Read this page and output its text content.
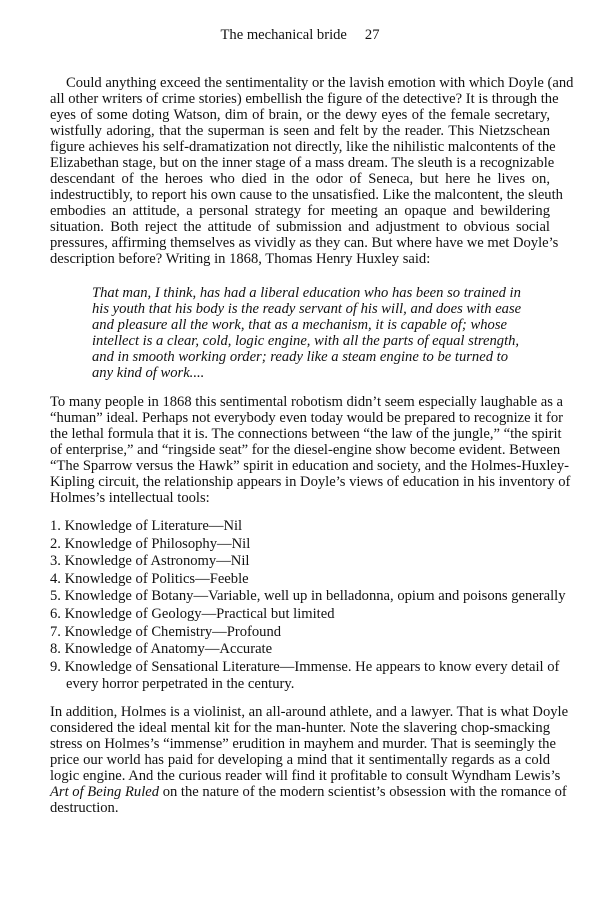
The mechanical bride 27
Could anything exceed the sentimentality or the lavish emotion with which Doyle (and
all other writers of crime stories) embellish the figure of the detective? It is through the
eyes of some doting Watson, dim of brain, or the dewy eyes of the female secretary,
wistfully adoring, that the superman is seen and felt by the reader. This Nietzschean
figure achieves his self-dramatization not directly, like the nihilistic malcontents of the
Elizabethan stage, but on the inner stage of a mass dream. The sleuth is a recognizable
descendant of the heroes who died in the odor of Seneca, but here he lives on,
indestructibly, to report his own cause to the unsatisfied. Like the malcontent, the sleuth
embodies an attitude, a personal strategy for meeting an opaque and bewildering
situation. Both reject the attitude of submission and adjustment to obvious social
pressures, affirming themselves as vividly as they can. But where have we met Doyle’s
description before? Writing in 1868, Thomas Henry Huxley said:
That man, I think, has had a liberal education who has been so trained in
his youth that his body is the ready servant of his will, and does with ease
and pleasure all the work, that as a mechanism, it is capable of; whose
intellect is a clear, cold, logic engine, with all the parts of equal strength,
and in smooth working order; ready like a steam engine to be turned to
any kind of work....
To many people in 1868 this sentimental robotism didn’t seem especially laughable as a
“human” ideal. Perhaps not everybody even today would be prepared to recognize it for
the lethal formula that it is. The connections between “the law of the jungle,” “the spirit
of enterprise,” and “ringside seat” for the diesel-engine show become evident. Between
“The Sparrow versus the Hawk” spirit in education and society, and the Holmes-Huxley-
Kipling circuit, the relationship appears in Doyle’s views of education in his inventory of
Holmes’s intellectual tools:
1. Knowledge of Literature—Nil
2. Knowledge of Philosophy—Nil
3. Knowledge of Astronomy—Nil
4. Knowledge of Politics—Feeble
5. Knowledge of Botany—Variable, well up in belladonna, opium and poisons generally
6. Knowledge of Geology—Practical but limited
7. Knowledge of Chemistry—Profound
8. Knowledge of Anatomy—Accurate
9. Knowledge of Sensational Literature—Immense. He appears to know every detail of
every horror perpetrated in the century.
In addition, Holmes is a violinist, an all-around athlete, and a lawyer. That is what Doyle
considered the ideal mental kit for the man-hunter. Note the slavering chop-smacking
stress on Holmes’s “immense” erudition in mayhem and murder. That is seemingly the
price our world has paid for developing a mind that it sentimentally regards as a cold
logic engine. And the curious reader will find it profitable to consult Wyndham Lewis’s
Art of Being Ruled on the nature of the modern scientist’s obsession with the romance of
destruction.
